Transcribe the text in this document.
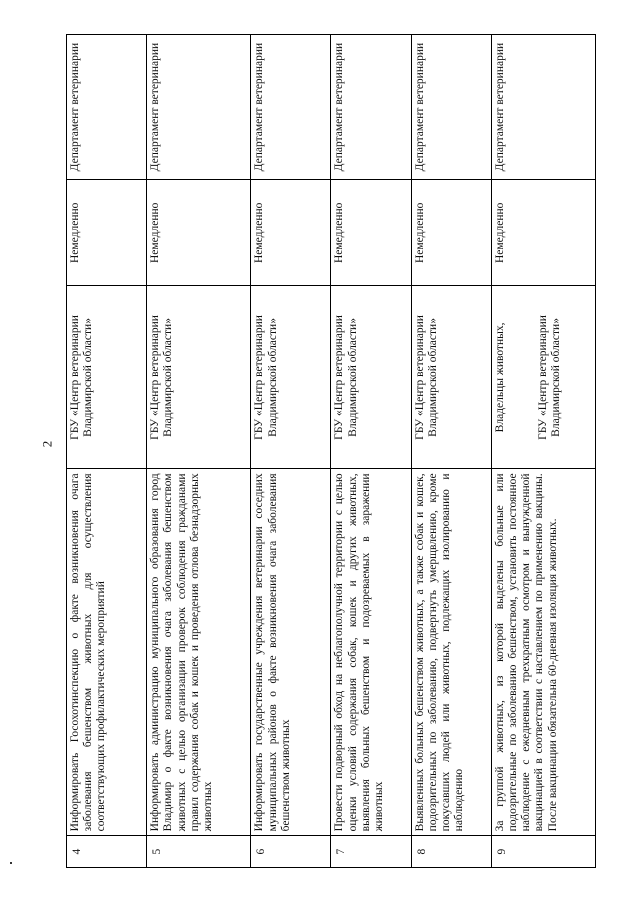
2
4	Информировать Госохотинспекцию о факте возникновения очага заболевания бешенством животных для осуществления соответствующих профилактических мероприятий	ГБУ «Центр ветеринарии Владимирской области»	Немедленно	Департамент ветеринарии
5	Информировать администрацию муниципального образования город Владимир о факте возникновения очага заболевания бешенством животных с целью организации проверок соблюдения гражданами правил содержания собак и кошек и проведения отлова безнадзорных животных	ГБУ «Центр ветеринарии Владимирской области»	Немедленно	Департамент ветеринарии
6	Информировать государственные учреждения ветеринарии соседних муниципальных районов о факте возникновения очага заболевания бешенством животных	ГБУ «Центр ветеринарии Владимирской области»	Немедленно	Департамент ветеринарии
7	Провести подворный обход на неблагополучной территории с целью оценки условий содержания собак, кошек и других животных, выявления больных бешенством и подозреваемых в заражении животных	ГБУ «Центр ветеринарии Владимирской области»	Немедленно	Департамент ветеринарии
8	Выявленных больных бешенством животных, а также собак и кошек, подозрительных по заболеванию, подвергнуть умерщвлению, кроме покусавших людей или животных, подлежащих изолированию и наблюдению	ГБУ «Центр ветеринарии Владимирской области»	Немедленно	Департамент ветеринарии
9	За группой животных, из которой выделены больные или подозрительные по заболеванию бешенством, установить постоянное наблюдение с ежедневным трехкратным осмотром и вынужденной вакцинацией в соответствии с наставлением по применению вакцины. После вакцинации обязательна 60-дневная изоляция животных.	Владельцы животных, ГБУ «Центр ветеринарии Владимирской области»	Немедленно	Департамент ветеринарии
